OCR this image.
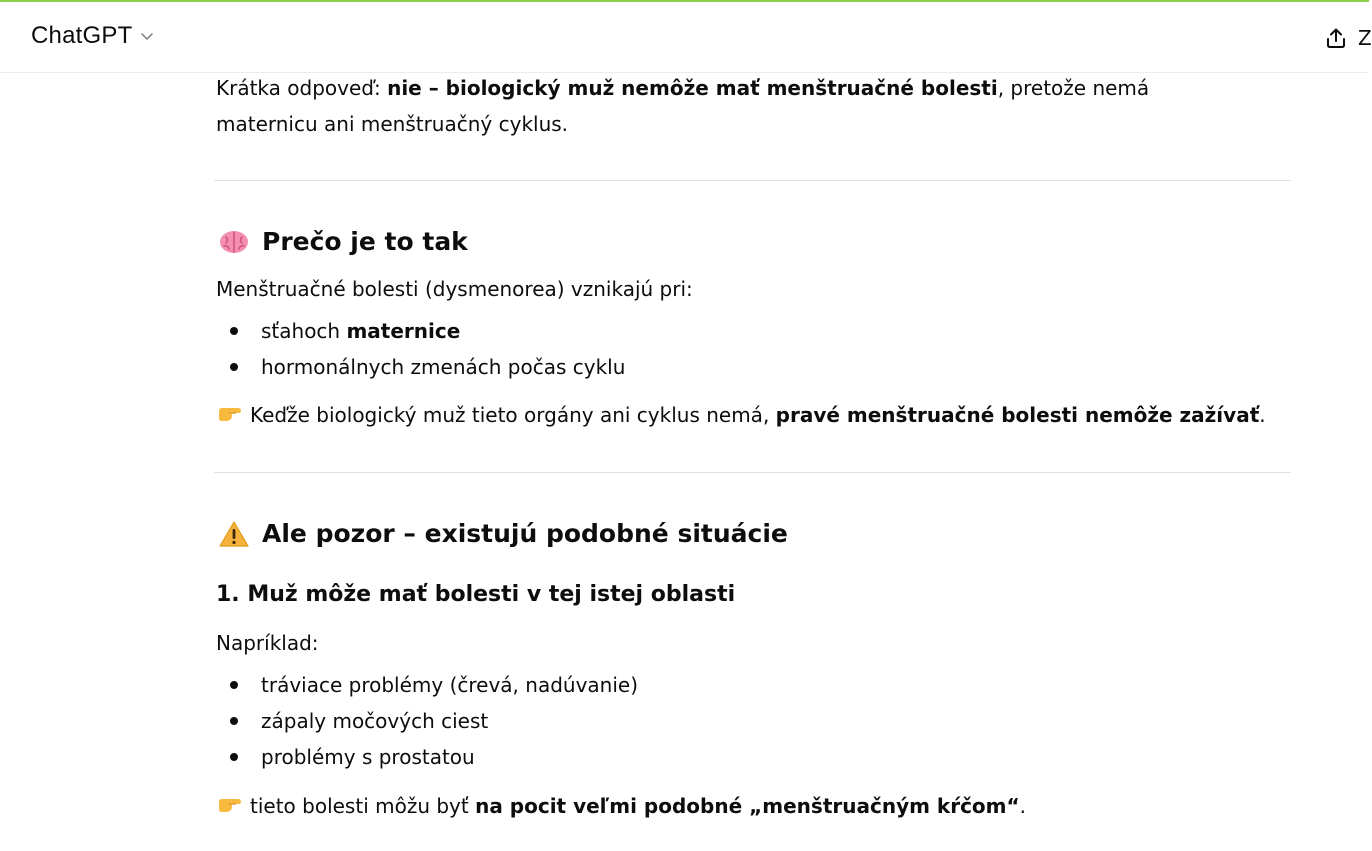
ChatGPT	Z

Krátka odpoveď: nie – biologický muž nemôže mať menštruačné bolesti, pretože nemá maternicu ani menštruačný cyklus.

Prečo je to tak

Menštruačné bolesti (dysmenorea) vznikajú pri:

sťahoch maternice
hormonálnych zmenách počas cyklu

Keďže biologický muž tieto orgány ani cyklus nemá, pravé menštruačné bolesti nemôže zažívať.

Ale pozor – existujú podobné situácie
1. Muž môže mať bolesti v tej istej oblasti

Napríklad:

tráviace problémy (črevá, nadúvanie)
zápaly močových ciest
problémy s prostatou

tieto bolesti môžu byť na pocit veľmi podobné „menštruačným kŕčom“.
